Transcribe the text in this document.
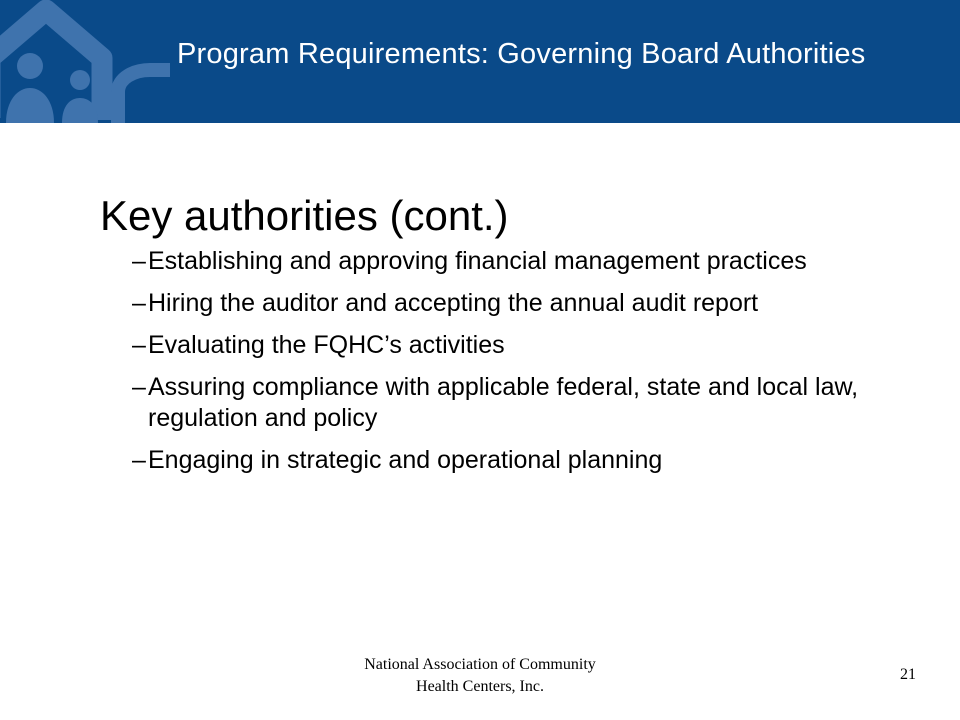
Program Requirements: Governing Board Authorities
Key authorities (cont.)
– Establishing and approving financial management practices
– Hiring the auditor and accepting the annual audit report
– Evaluating the FQHC’s activities
– Assuring compliance with applicable federal, state and local law, regulation and policy
– Engaging in strategic and operational planning
National Association of Community Health Centers, Inc.
21
